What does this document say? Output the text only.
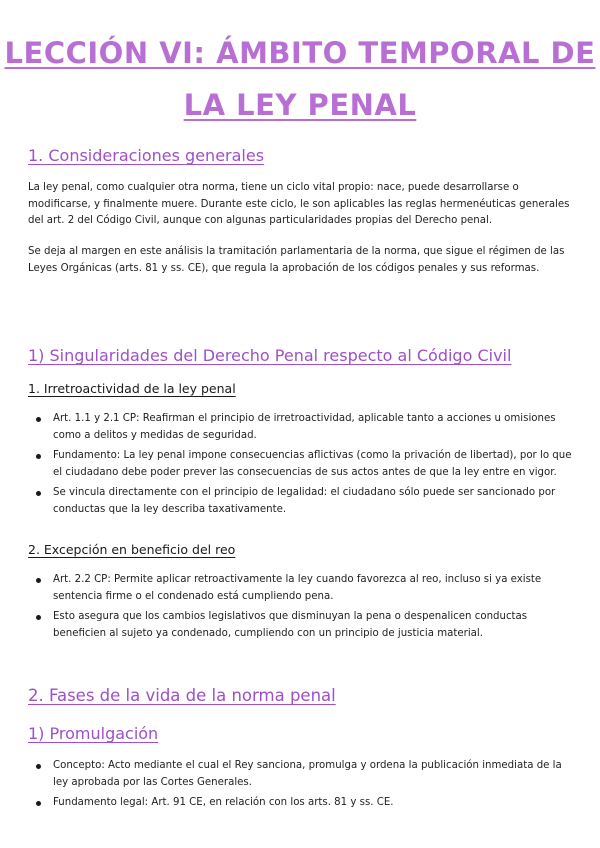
LECCIÓN VI: ÁMBITO TEMPORAL DE
LA LEY PENAL
1. Consideraciones generales
La ley penal, como cualquier otra norma, tiene un ciclo vital propio: nace, puede desarrollarse o modificarse, y finalmente muere. Durante este ciclo, le son aplicables las reglas hermenéuticas generales del art. 2 del Código Civil, aunque con algunas particularidades propias del Derecho penal.
Se deja al margen en este análisis la tramitación parlamentaria de la norma, que sigue el régimen de las Leyes Orgánicas (arts. 81 y ss. CE), que regula la aprobación de los códigos penales y sus reformas.
1) Singularidades del Derecho Penal respecto al Código Civil
1. Irretroactividad de la ley penal
Art. 1.1 y 2.1 CP: Reafirman el principio de irretroactividad, aplicable tanto a acciones u omisiones como a delitos y medidas de seguridad.
Fundamento: La ley penal impone consecuencias aflictivas (como la privación de libertad), por lo que el ciudadano debe poder prever las consecuencias de sus actos antes de que la ley entre en vigor.
Se vincula directamente con el principio de legalidad: el ciudadano sólo puede ser sancionado por conductas que la ley describa taxativamente.
2. Excepción en beneficio del reo
Art. 2.2 CP: Permite aplicar retroactivamente la ley cuando favorezca al reo, incluso si ya existe sentencia firme o el condenado está cumpliendo pena.
Esto asegura que los cambios legislativos que disminuyan la pena o despenalicen conductas beneficien al sujeto ya condenado, cumpliendo con un principio de justicia material.
2. Fases de la vida de la norma penal
1) Promulgación
Concepto: Acto mediante el cual el Rey sanciona, promulga y ordena la publicación inmediata de la ley aprobada por las Cortes Generales.
Fundamento legal: Art. 91 CE, en relación con los arts. 81 y ss. CE.
